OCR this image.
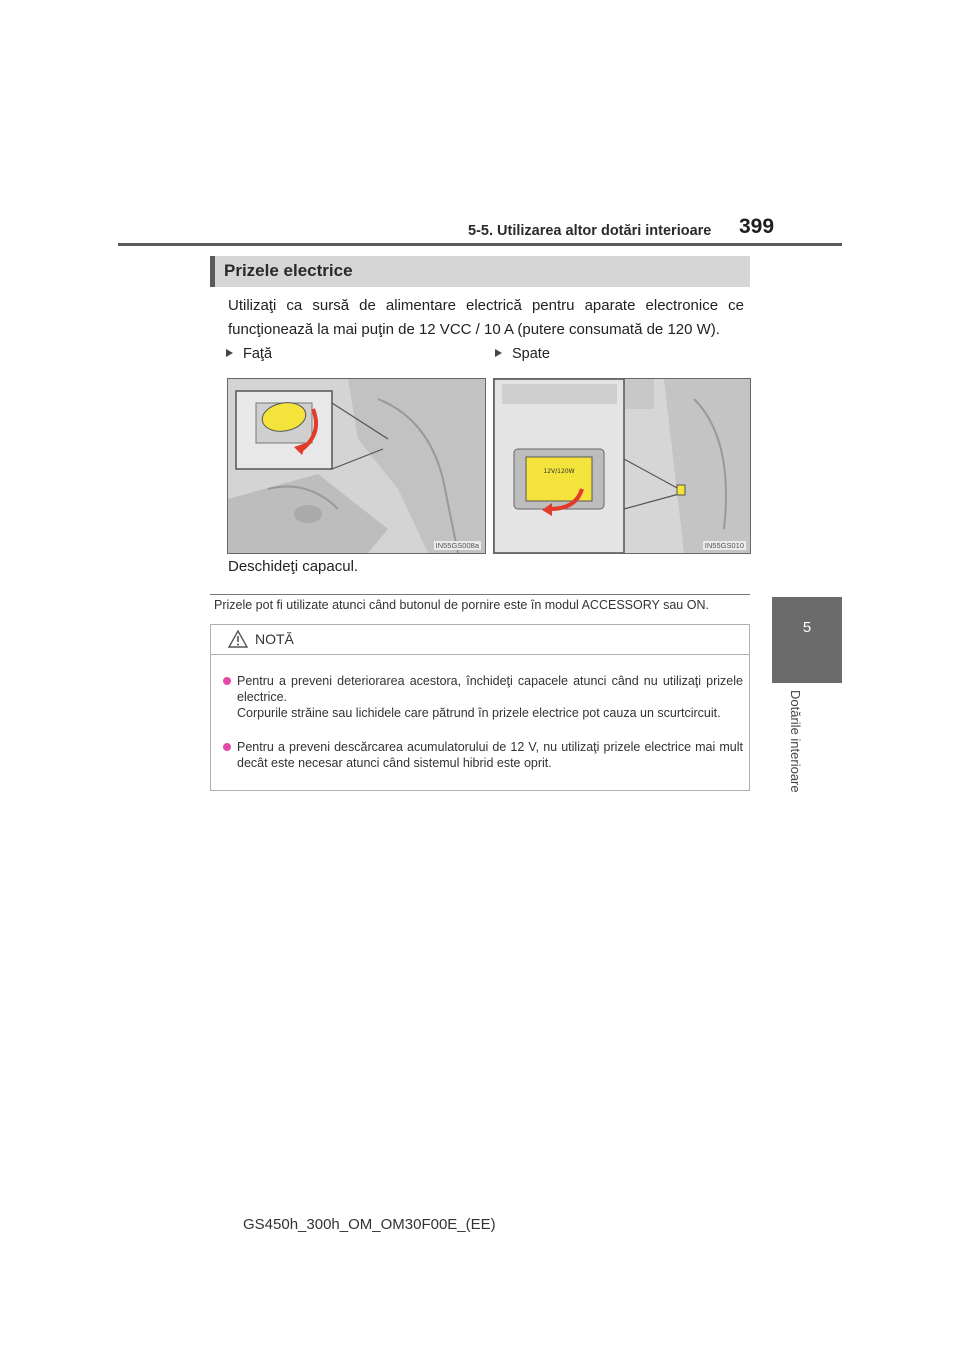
5-5. Utilizarea altor dotări interioare 399
5
Dotările interioare
Prizele electrice
Utilizaţi ca sursă de alimentare electrică pentru aparate electronice ce funcţionează la mai puţin de 12 VCC / 10 A (putere consumată de 120 W).
Faţă	Spate
IN55GS008a
12V/120W
IN55GS010
Deschideţi capacul.
Prizele pot fi utilizate atunci când butonul de pornire este în modul ACCESSORY sau ON.
NOTĂ
Pentru a preveni deteriorarea acestora, închideţi capacele atunci când nu utilizaţi prizele electrice.
Corpurile străine sau lichidele care pătrund în prizele electrice pot cauza un scurtcircuit.
Pentru a preveni descărcarea acumulatorului de 12 V, nu utilizaţi prizele electrice mai mult decât este necesar atunci când sistemul hibrid este oprit.
GS450h_300h_OM_OM30F00E_(EE)
